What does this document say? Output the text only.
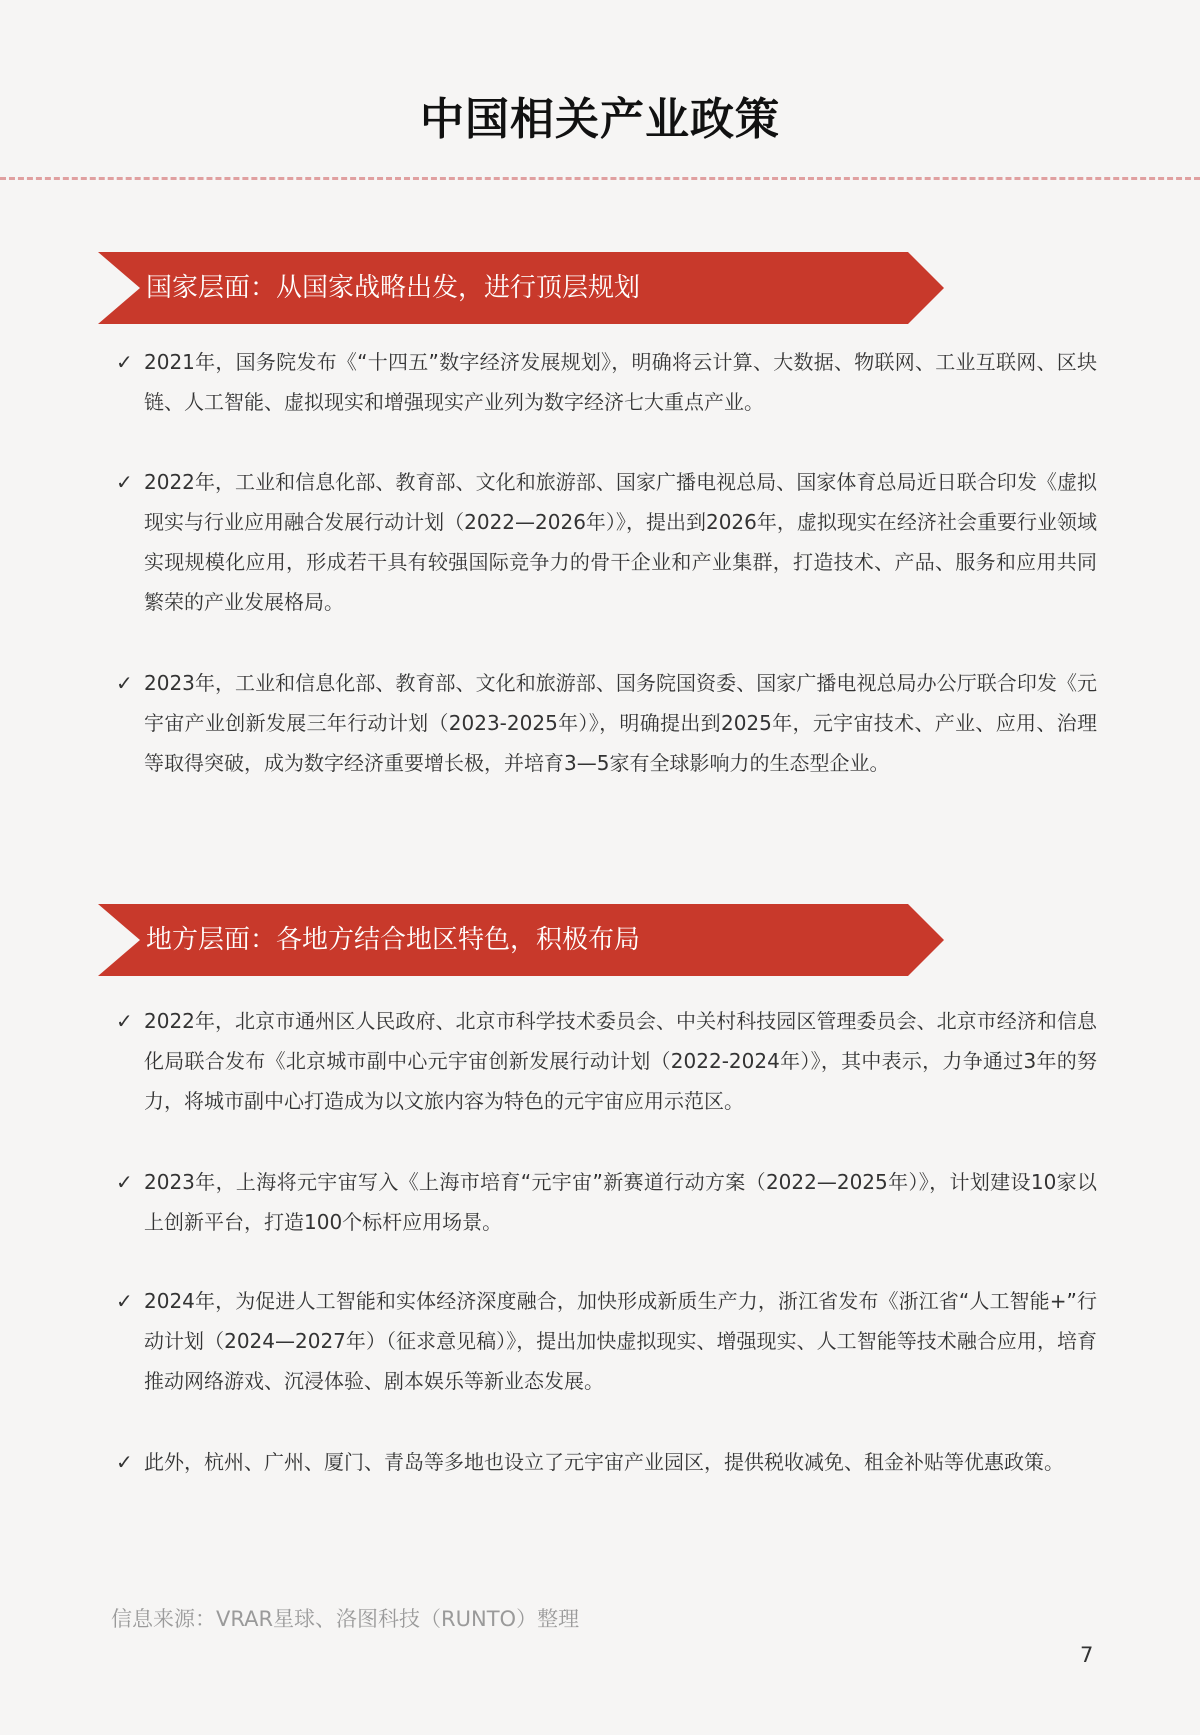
中国相关产业政策
国家层面：从国家战略出发，进行顶层规划
✓ 2021年，国务院发布《“十四五”数字经济发展规划》，明确将云计算、大数据、物联网、工业互联网、区块链、人工智能、虚拟现实和增强现实产业列为数字经济七大重点产业。
✓ 2022年，工业和信息化部、教育部、文化和旅游部、国家广播电视总局、国家体育总局近日联合印发《虚拟现实与行业应用融合发展行动计划（2022—2026年）》，提出到2026年，虚拟现实在经济社会重要行业领域实现规模化应用，形成若干具有较强国际竞争力的骨干企业和产业集群，打造技术、产品、服务和应用共同繁荣的产业发展格局。
✓ 2023年，工业和信息化部、教育部、文化和旅游部、国务院国资委、国家广播电视总局办公厅联合印发《元宇宙产业创新发展三年行动计划（2023-2025年）》，明确提出到2025年，元宇宙技术、产业、应用、治理等取得突破，成为数字经济重要增长极，并培育3—5家有全球影响力的生态型企业。
地方层面：各地方结合地区特色，积极布局
✓ 2022年，北京市通州区人民政府、北京市科学技术委员会、中关村科技园区管理委员会、北京市经济和信息化局联合发布《北京城市副中心元宇宙创新发展行动计划（2022-2024年）》，其中表示，力争通过3年的努力，将城市副中心打造成为以文旅内容为特色的元宇宙应用示范区。
✓ 2023年，上海将元宇宙写入《上海市培育“元宇宙”新赛道行动方案（2022—2025年）》，计划建设10家以上创新平台，打造100个标杆应用场景。
✓ 2024年，为促进人工智能和实体经济深度融合，加快形成新质生产力，浙江省发布《浙江省“人工智能+”行动计划（2024—2027年）（征求意见稿）》，提出加快虚拟现实、增强现实、人工智能等技术融合应用，培育推动网络游戏、沉浸体验、剧本娱乐等新业态发展。
✓ 此外，杭州、广州、厦门、青岛等多地也设立了元宇宙产业园区，提供税收减免、租金补贴等优惠政策。
信息来源：VRAR星球、洛图科技（RUNTO）整理
7
